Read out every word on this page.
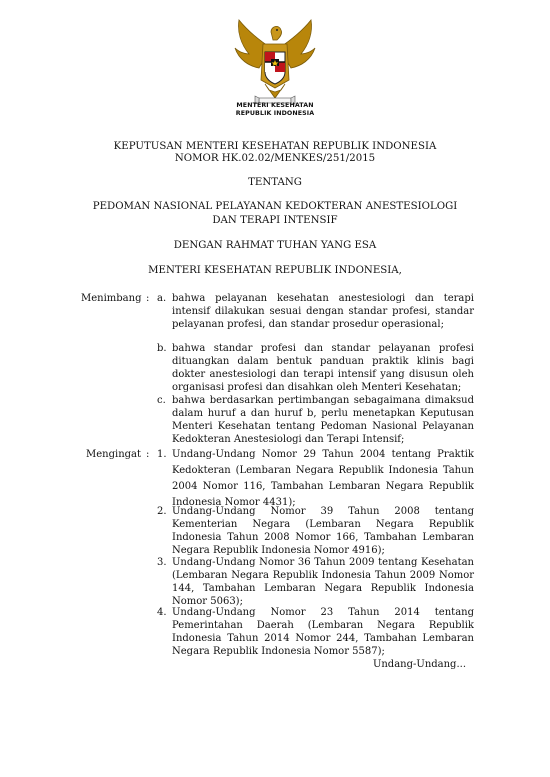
MENTERI KESEHATAN
REPUBLIK INDONESIA
KEPUTUSAN MENTERI KESEHATAN REPUBLIK INDONESIA
NOMOR HK.02.02/MENKES/251/2015
TENTANG
PEDOMAN NASIONAL PELAYANAN KEDOKTERAN ANESTESIOLOGI
DAN TERAPI INTENSIF
DENGAN RAHMAT TUHAN YANG ESA
MENTERI KESEHATAN REPUBLIK INDONESIA,
Menimbang : a. bahwa pelayanan kesehatan anestesiologi dan terapi intensif dilakukan sesuai dengan standar profesi, standar pelayanan profesi, dan standar prosedur operasional;
b. bahwa standar profesi dan standar pelayanan profesi dituangkan dalam bentuk panduan praktik klinis bagi dokter anestesiologi dan terapi intensif yang disusun oleh organisasi profesi dan disahkan oleh Menteri Kesehatan;
c. bahwa berdasarkan pertimbangan sebagaimana dimaksud dalam huruf a dan huruf b, perlu menetapkan Keputusan Menteri Kesehatan tentang Pedoman Nasional Pelayanan Kedokteran Anestesiologi dan Terapi Intensif;
Mengingat : 1. Undang-Undang Nomor 29 Tahun 2004 tentang Praktik Kedokteran (Lembaran Negara Republik Indonesia Tahun 2004 Nomor 116, Tambahan Lembaran Negara Republik Indonesia Nomor 4431);
2. Undang-Undang Nomor 39 Tahun 2008 tentang Kementerian Negara (Lembaran Negara Republik Indonesia Tahun 2008 Nomor 166, Tambahan Lembaran Negara Republik Indonesia Nomor 4916);
3. Undang-Undang Nomor 36 Tahun 2009 tentang Kesehatan (Lembaran Negara Republik Indonesia Tahun 2009 Nomor 144, Tambahan Lembaran Negara Republik Indonesia Nomor 5063);
4. Undang-Undang Nomor 23 Tahun 2014 tentang Pemerintahan Daerah (Lembaran Negara Republik Indonesia Tahun 2014 Nomor 244, Tambahan Lembaran Negara Republik Indonesia Nomor 5587);
Undang-Undang...
